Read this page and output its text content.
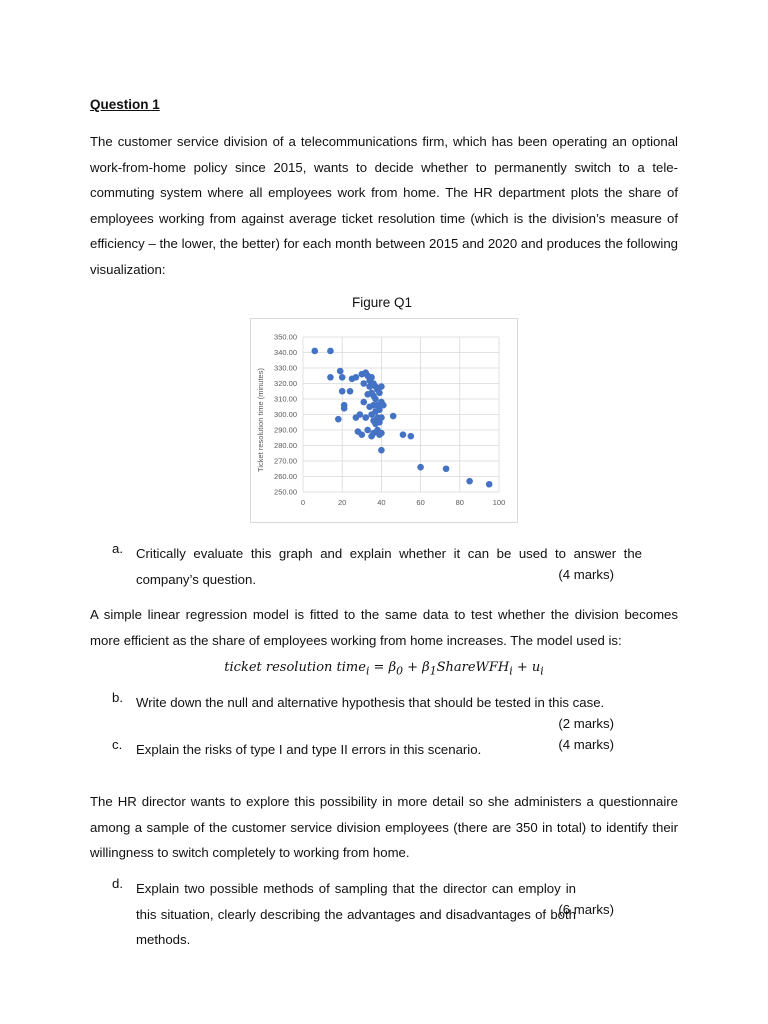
Question 1

The customer service division of a telecommunications firm, which has been operating an optional work-from-home policy since 2015, wants to decide whether to permanently switch to a tele-commuting system where all employees work from home. The HR department plots the share of employees working from against average ticket resolution time (which is the division’s measure of efficiency – the lower, the better) for each month between 2015 and 2020 and produces the following visualization:

Figure Q1
250.00
260.00
270.00
280.00
290.00
300.00
310.00
320.00
330.00
340.00
350.00
0	20	40	60	80	100
Ticket resolution time (minutes)
a. Critically evaluate this graph and explain whether it can be used to answer the company’s question.	(4 marks)

A simple linear regression model is fitted to the same data to test whether the division becomes more efficient as the share of employees working from home increases. The model used is:

ticket resolution time$_i$ = $\beta_0$ + $\beta_1ShareWFH_i + u_i$
b. Write down the null and alternative hypothesis that should be tested in this case.
(2 marks)
c. Explain the risks of type I and type II errors in this scenario.	(4 marks)

The HR director wants to explore this possibility in more detail so she administers a questionnaire among a sample of the customer service division employees (there are 350 in total) to identify their willingness to switch completely to working from home.

d. Explain two possible methods of sampling that the director can employ in this situation, clearly describing the advantages and disadvantages of both methods.
(6 marks)
